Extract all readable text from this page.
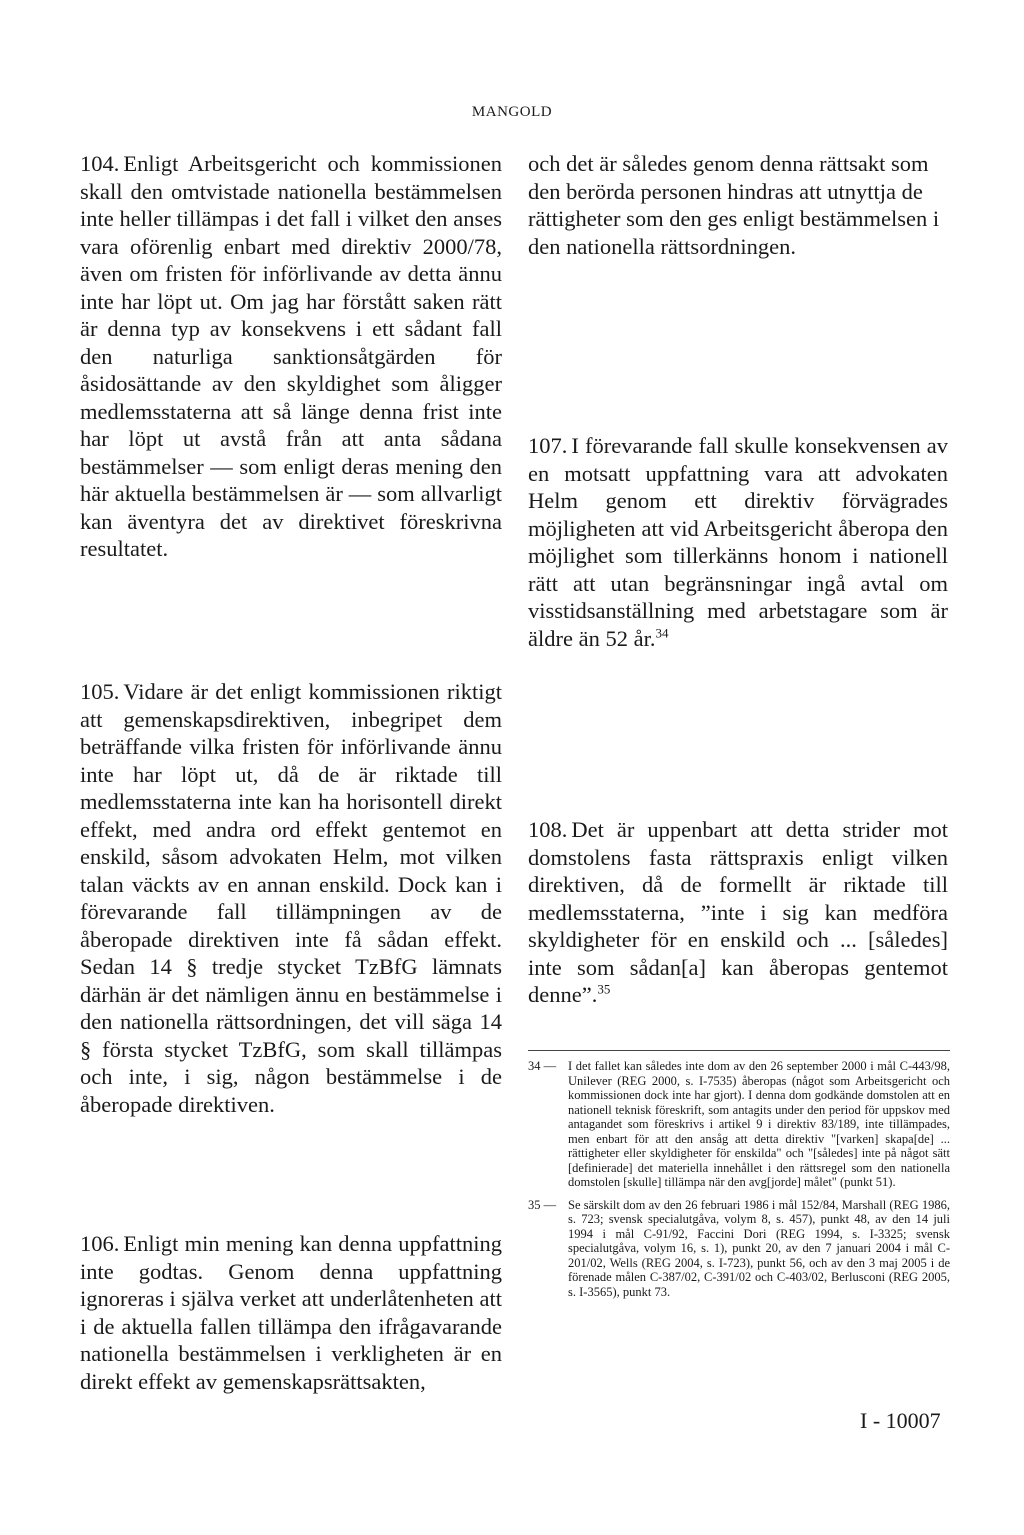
MANGOLD

104. Enligt Arbeitsgericht och kommissionen skall den omtvistade nationella bestämmelsen inte heller tillämpas i det fall i vilket den anses vara oförenlig enbart med direktiv 2000/78, även om fristen för införlivande av detta ännu inte har löpt ut. Om jag har förstått saken rätt är denna typ av konsekvens i ett sådant fall den naturliga sanktionsåtgärden för åsidosättande av den skyldighet som åligger medlemsstaterna att så länge denna frist inte har löpt ut avstå från att anta sådana bestämmelser — som enligt deras mening den här aktuella bestämmelsen är — som allvarligt kan äventyra det av direktivet föreskrivna resultatet.

och det är således genom denna rättsakt som den berörda personen hindras att utnyttja de rättigheter som den ges enligt bestämmelsen i den nationella rättsordningen.

105. Vidare är det enligt kommissionen riktigt att gemenskapsdirektiven, inbegripet dem beträffande vilka fristen för införlivande ännu inte har löpt ut, då de är riktade till medlemsstaterna inte kan ha horisontell direkt effekt, med andra ord effekt gentemot en enskild, såsom advokaten Helm, mot vilken talan väckts av en annan enskild. Dock kan i förevarande fall tillämpningen av de åberopade direktiven inte få sådan effekt. Sedan 14 § tredje stycket TzBfG lämnats därhän är det nämligen ännu en bestämmelse i den nationella rättsordningen, det vill säga 14 § första stycket TzBfG, som skall tillämpas och inte, i sig, någon bestämmelse i de åberopade direktiven.

106. Enligt min mening kan denna uppfattning inte godtas. Genom denna uppfattning ignoreras i själva verket att underlåtenheten att i de aktuella fallen tillämpa den ifrågavarande nationella bestämmelsen i verkligheten är en direkt effekt av gemenskapsrättsakten,

107. I förevarande fall skulle konsekvensen av en motsatt uppfattning vara att advokaten Helm genom ett direktiv förvägrades möjligheten att vid Arbeitsgericht åberopa den möjlighet som tillerkänns honom i nationell rätt att utan begränsningar ingå avtal om visstidsanställning med arbetstagare som är äldre än 52 år.$^{34}$

108. Det är uppenbart att detta strider mot domstolens fasta rättspraxis enligt vilken direktiven, då de formellt är riktade till medlemsstaterna, ”inte i sig kan medföra skyldigheter för en enskild och ... [således] inte som sådan[a] kan åberopas gentemot denne”.$^{35}$

34 — I det fallet kan således inte dom av den 26 september 2000 i mål C-443/98, Unilever (REG 2000, s. I-7535) åberopas (något som Arbeitsgericht och kommissionen dock inte har gjort). I denna dom godkände domstolen att en nationell teknisk föreskrift, som antagits under den period för uppskov med antagandet som föreskrivs i artikel 9 i direktiv 83/189, inte tillämpades, men enbart för att den ansåg att detta direktiv "[varken] skapa[de] ... rättigheter eller skyldigheter för enskilda" och "[således] inte på något sätt [definierade] det materiella innehållet i den rättsregel som den nationella domstolen [skulle] tillämpa när den avg[jorde] målet" (punkt 51).
35 — Se särskilt dom av den 26 februari 1986 i mål 152/84, Marshall (REG 1986, s. 723; svensk specialutgåva, volym 8, s. 457), punkt 48, av den 14 juli 1994 i mål C-91/92, Faccini Dori (REG 1994, s. I-3325; svensk specialutgåva, volym 16, s. 1), punkt 20, av den 7 januari 2004 i mål C-201/02, Wells (REG 2004, s. I-723), punkt 56, och av den 3 maj 2005 i de förenade målen C-387/02, C-391/02 och C-403/02, Berlusconi (REG 2005, s. I-3565), punkt 73.
I - 10007
